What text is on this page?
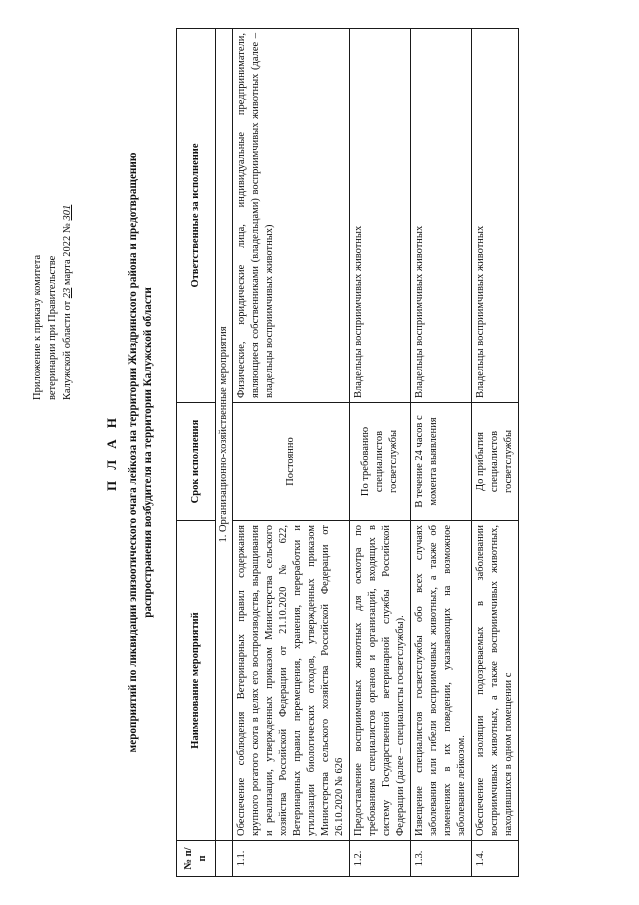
Приложение к приказу комитета ветеринарии при Правительстве Калужской области от 23 марта 2022 № 301
П Л А Н мероприятий по ликвидации эпизоотического очага лейкоза на территории Жиздринского района и предотвращению распространения возбудителя на территории Калужской области
№ п/п	Наименование мероприятий	Срок исполнения	Ответственные за исполнение
	1. Организационно-хозяйственные мероприятия		
1.1.	Обеспечение соблюдения Ветеринарных правил содержания крупного рогатого скота в целях его воспроизводства, выращивания и реализации, утвержденных приказом Министерства сельского хозяйства Российской Федерации от 21.10.2020 № 622, Ветеринарных правил перемещения, хранения, переработки и утилизации биологических отходов, утвержденных приказом Министерства сельского хозяйства Российской Федерации от 26.10.2020 № 626	Постоянно	Физические, юридические лица, индивидуальные предприниматели, являющиеся собственниками (владельцами) восприимчивых животных (далее – владельцы восприимчивых животных)
1.2.	Предоставление восприимчивых животных для осмотра по требованиям специалистов органов и организаций, входящих в систему Государственной ветеринарной службы Российской Федерации (далее – специалисты госветслужбы).	По требованию специалистов госветслужбы	Владельцы восприимчивых животных
1.3.	Извещение специалистов госветслужбы обо всех случаях заболевания или гибели восприимчивых животных, а также об изменениях в их поведении, указывающих на возможное заболевание лейкозом.	В течение 24 часов с момента выявления	Владельцы восприимчивых животных
1.4.	Обеспечение изоляции подозреваемых в заболевании восприимчивых животных, а также восприимчивых животных, находившихся в одном помещении с	До прибытия специалистов госветслужбы	Владельцы восприимчивых животных
